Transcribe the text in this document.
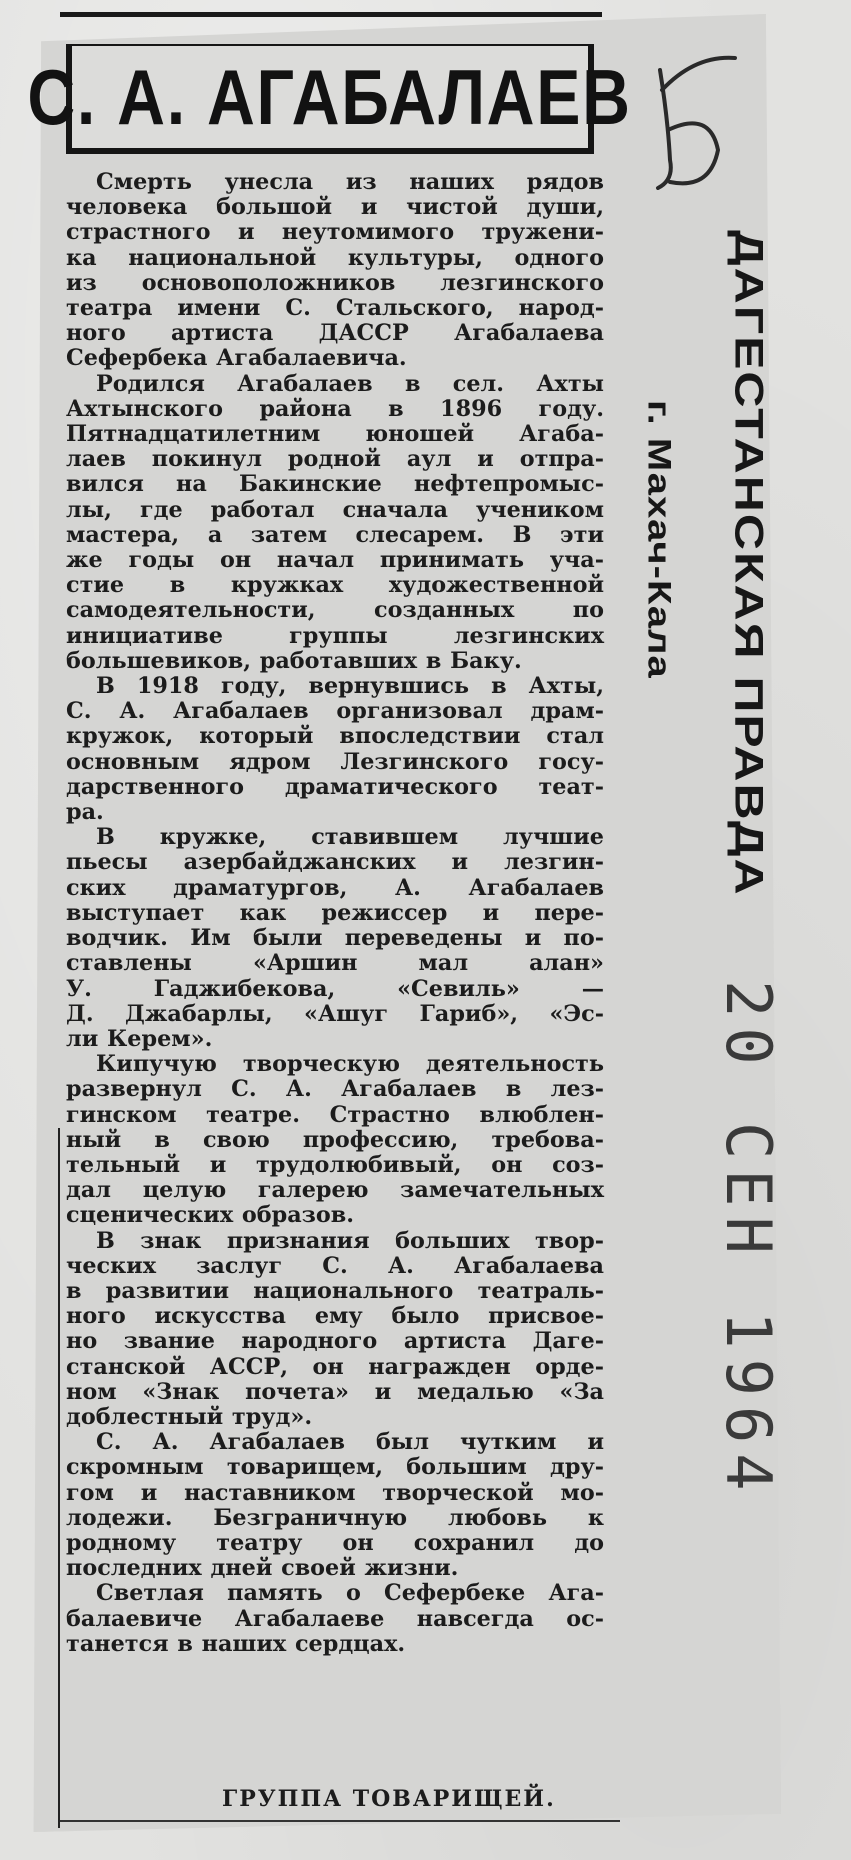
С. А. АГАБАЛАЕВ
ДАГЕСТАНСКАЯ ПРАВДА
г. Махач-Кала
20 СЕН 1964

Смерть унесла из наших рядов
человека большой и чистой души,
страстного и неутомимого тружени-
ка национальной культуры, одного
из основоположников лезгинского
театра имени С. Стальского, народ-
ного артиста ДАССР Агабалаева
Сефербека Агабалаевича.

Родился Агабалаев в сел. Ахты
Ахтынского района в 1896 году.
Пятнадцатилетним юношей Агаба-
лаев покинул родной аул и отпра-
вился на Бакинские нефтепромыс-
лы, где работал сначала учеником
мастера, а затем слесарем. В эти
же годы он начал принимать уча-
стие в кружках художественной
самодеятельности, созданных по
инициативе группы лезгинских
большевиков, работавших в Баку.

В 1918 году, вернувшись в Ахты,
С. А. Агабалаев организовал драм-
кружок, который впоследствии стал
основным ядром Лезгинского госу-
дарственного драматического теат-
ра.

В кружке, ставившем лучшие
пьесы азербайджанских и лезгин-
ских драматургов, А. Агабалаев
выступает как режиссер и пере-
водчик. Им были переведены и по-
ставлены «Аршин мал алан»
У. Гаджибекова, «Севиль» —
Д. Джабарлы, «Ашуг Гариб», «Эс-
ли Керем».

Кипучую творческую деятельность
развернул С. А. Агабалаев в лез-
гинском театре. Страстно влюблен-
ный в свою профессию, требова-
тельный и трудолюбивый, он соз-
дал целую галерею замечательных
сценических образов.

В знак признания больших твор-
ческих заслуг С. А. Агабалаева
в развитии национального театраль-
ного искусства ему было присвое-
но звание народного артиста Даге-
станской АССР, он награжден орде-
ном «Знак почета» и медалью «За
доблестный труд».

С. А. Агабалаев был чутким и
скромным товарищем, большим дру-
гом и наставником творческой мо-
лодежи. Безграничную любовь к
родному театру он сохранил до
последних дней своей жизни.

Светлая память о Сефербеке Ага-
балаевиче Агабалаеве навсегда ос-
танется в наших сердцах.

ГРУППА ТОВАРИЩЕЙ.
